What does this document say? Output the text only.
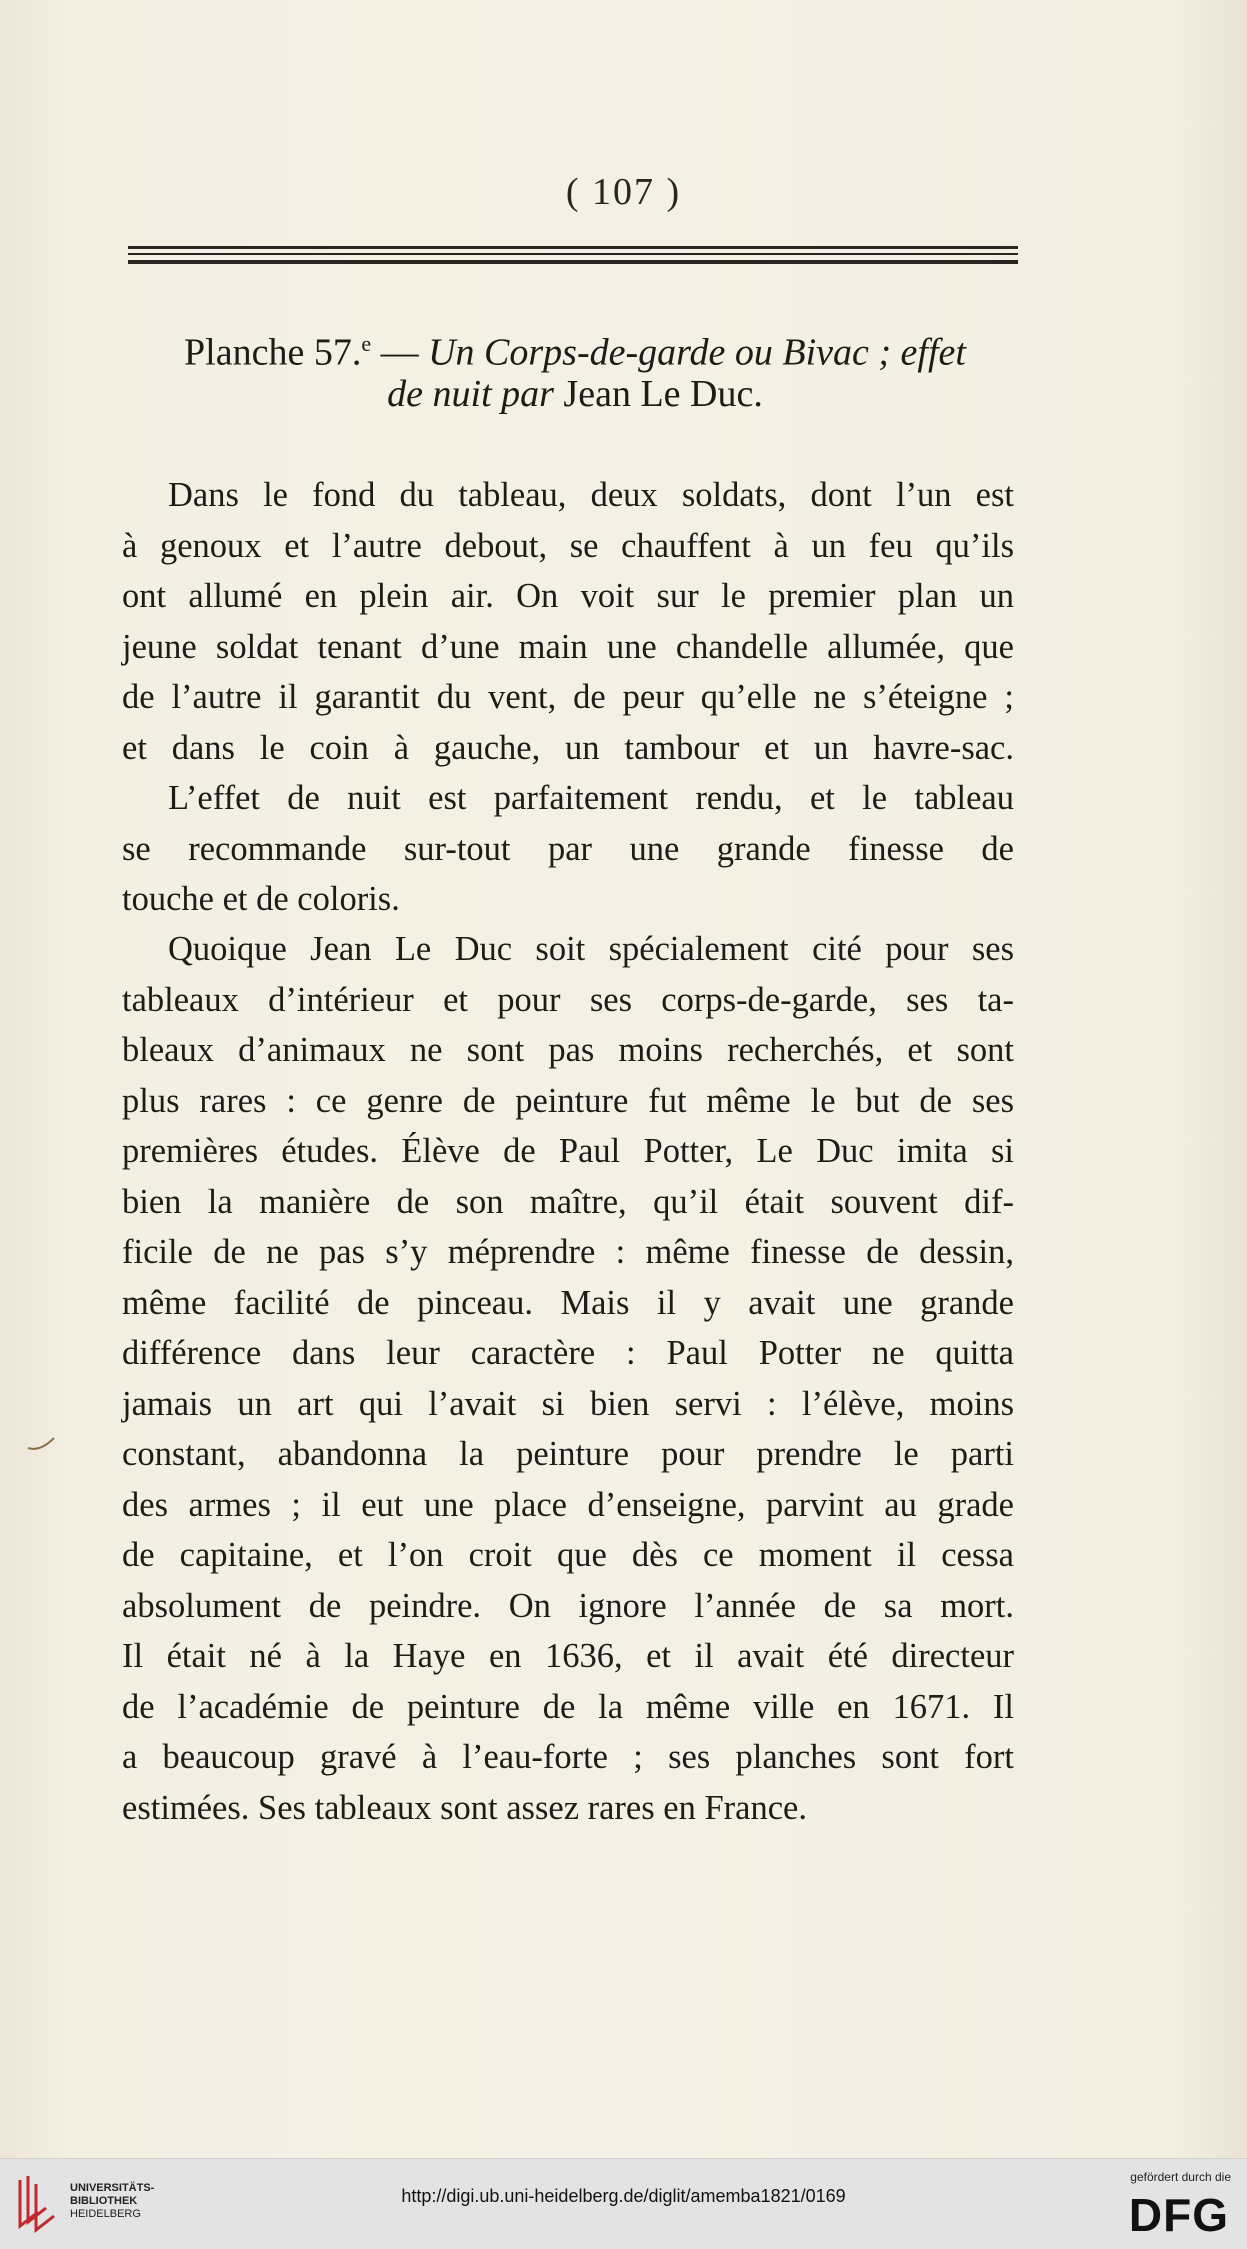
( 107 )
Planche 57.$^e$ — Un Corps-de-garde ou Bivac ; effet
de nuit par Jean Le Duc.
Dans le fond du tableau, deux soldats, dont l’un est
à genoux et l’autre debout, se chauffent à un feu qu’ils
ont allumé en plein air. On voit sur le premier plan un
jeune soldat tenant d’une main une chandelle allumée, que
de l’autre il garantit du vent, de peur qu’elle ne s’éteigne ;
et dans le coin à gauche, un tambour et un havre-sac.
L’effet de nuit est parfaitement rendu, et le tableau
se recommande sur-tout par une grande finesse de
touche et de coloris.
Quoique Jean Le Duc soit spécialement cité pour ses
tableaux d’intérieur et pour ses corps-de-garde, ses ta-
bleaux d’animaux ne sont pas moins recherchés, et sont
plus rares : ce genre de peinture fut même le but de ses
premières études. Élève de Paul Potter, Le Duc imita si
bien la manière de son maître, qu’il était souvent dif-
ficile de ne pas s’y méprendre : même finesse de dessin,
même facilité de pinceau. Mais il y avait une grande
différence dans leur caractère : Paul Potter ne quitta
jamais un art qui l’avait si bien servi : l’élève, moins
constant, abandonna la peinture pour prendre le parti
des armes ; il eut une place d’enseigne, parvint au grade
de capitaine, et l’on croit que dès ce moment il cessa
absolument de peindre. On ignore l’année de sa mort.
Il était né à la Haye en 1636, et il avait été directeur
de l’académie de peinture de la même ville en 1671. Il
a beaucoup gravé à l’eau-forte ; ses planches sont fort
estimées. Ses tableaux sont assez rares en France.
UNIVERSITÄTS-
BIBLIOTHEK
HEIDELBERG
http://digi.ub.uni-heidelberg.de/diglit/amemba1821/0169
gefördert durch die
DFG
